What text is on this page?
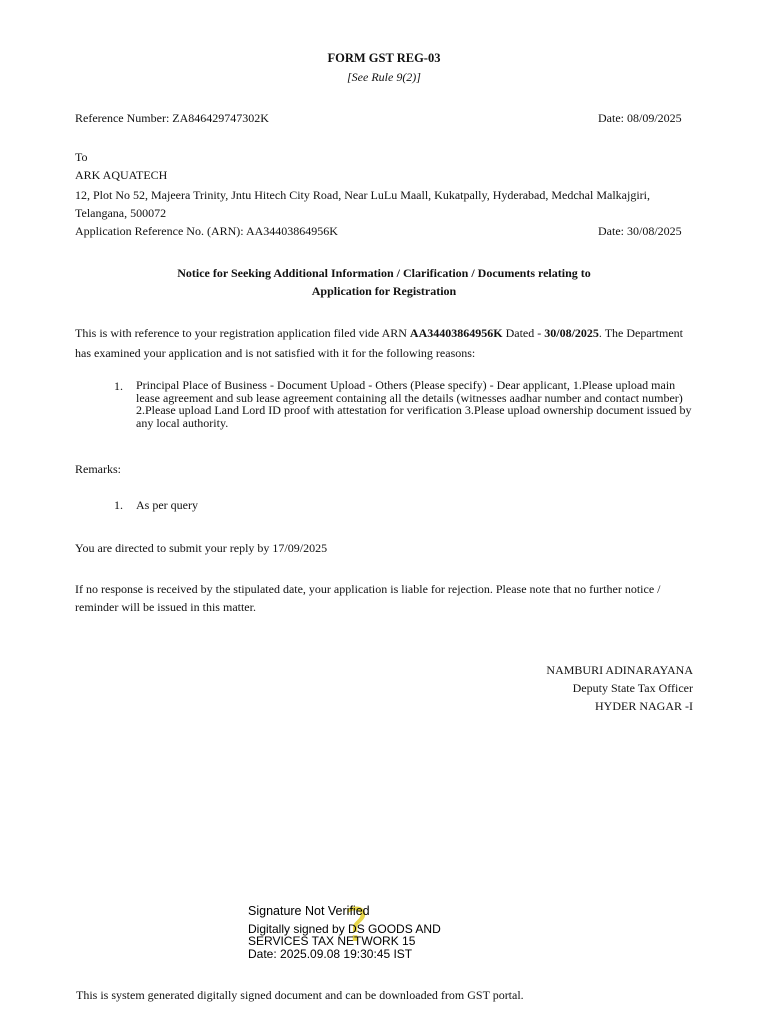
FORM GST REG-03
[See Rule 9(2)]
Reference Number: ZA846429747302K	Date: 08/09/2025
To
ARK AQUATECH
12, Plot No 52, Majeera Trinity, Jntu Hitech City Road, Near LuLu Maall, Kukatpally, Hyderabad, Medchal Malkajgiri,
Telangana, 500072
Application Reference No. (ARN): AA34403864956K	Date: 30/08/2025
Notice for Seeking Additional Information / Clarification / Documents relating to
Application for Registration
This is with reference to your registration application filed vide ARN AA34403864956K Dated - 30/08/2025. The Department has examined your application and is not satisfied with it for the following reasons:
1. Principal Place of Business - Document Upload - Others (Please specify) - Dear applicant, 1.Please upload main lease agreement and sub lease agreement containing all the details (witnesses aadhar number and contact number) 2.Please upload Land Lord ID proof with attestation for verification 3.Please upload ownership document issued by any local authority.
Remarks:
1. As per query
You are directed to submit your reply by 17/09/2025
If no response is received by the stipulated date, your application is liable for rejection. Please note that no further notice /
reminder will be issued in this matter.
NAMBURI ADINARAYANA
Deputy State Tax Officer
HYDER NAGAR -I
?
Signature Not Verified
Digitally signed by DS GOODS AND
SERVICES TAX NETWORK 15
Date: 2025.09.08 19:30:45 IST
This is system generated digitally signed document and can be downloaded from GST portal.
